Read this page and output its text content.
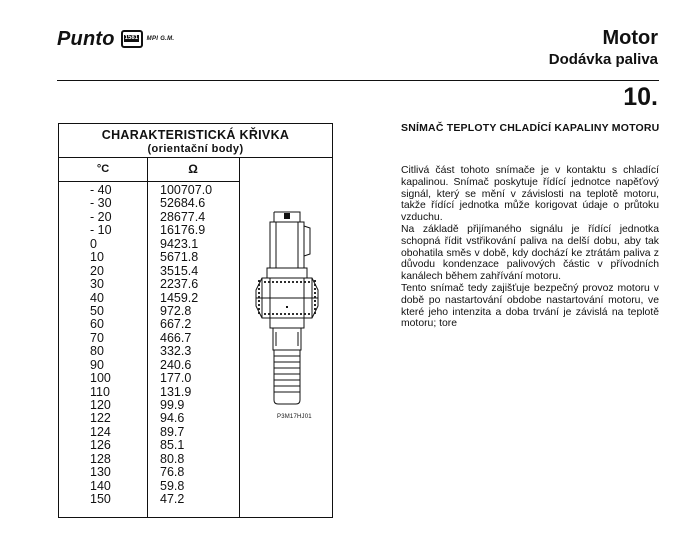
Punto 1581 MPI G.M.	Motor
Dodávka paliva
10.
CHARAKTERISTICKÁ KŘIVKA
(orientační body)
°C	Ω
- 40	100707.0
- 30	52684.6
- 20	28677.4
- 10	16176.9
0	9423.1
10	5671.8
20	3515.4
30	2237.6
40	1459.2
50	972.8
60	667.2
70	466.7
80	332.3
90	240.6
100	177.0
110	131.9
120	99.9
122	94.6
124	89.7
126	85.1
128	80.8
130	76.8
140	59.8
150	47.2
P3M17HJ01
SNÍMAČ TEPLOTY CHLADÍCÍ KAPALINY MOTORU

Citlivá část tohoto snímače je v kontaktu s chladící kapalinou. Snímač poskytuje řídící jednotce napěťový signál, který se mění v závislosti na teplotě motoru, takže řídící jednotka může korigovat údaje o průtoku vzduchu.

Na základě přijímaného signálu je řídící jednotka schopná řídit vstřikování paliva na delší dobu, aby tak obohatila směs v době, kdy dochází ke ztrátám paliva z důvodu kondenzace palivových částic v přívodních kanálech během zahřívání motoru.

Tento snímač tedy zajišťuje bezpečný provoz motoru v době po nastartování obdobe nastartování motoru, ve které jeho intenzita a doba trvání je závislá na teplotě motoru; tore
